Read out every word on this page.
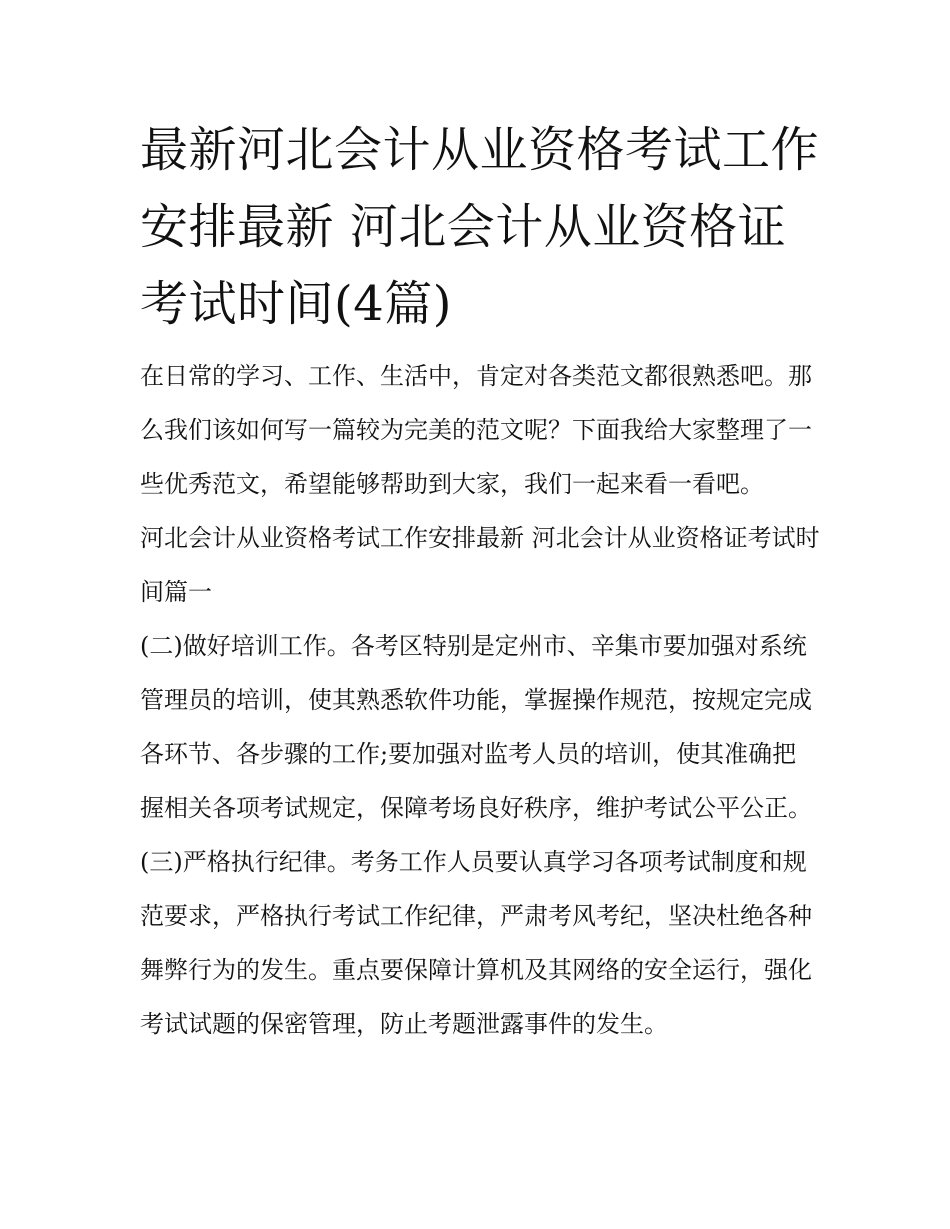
最新河北会计从业资格考试工作安排最新 河北会计从业资格证考试时间(4篇)

在日常的学习、工作、生活中，肯定对各类范文都很熟悉吧。那么我们该如何写一篇较为完美的范文呢？下面我给大家整理了一些优秀范文，希望能够帮助到大家，我们一起来看一看吧。

河北会计从业资格考试工作安排最新 河北会计从业资格证考试时间篇一

(二)做好培训工作。各考区特别是定州市、辛集市要加强对系统管理员的培训，使其熟悉软件功能，掌握操作规范，按规定完成各环节、各步骤的工作;要加强对监考人员的培训，使其准确把握相关各项考试规定，保障考场良好秩序，维护考试公平公正。

(三)严格执行纪律。考务工作人员要认真学习各项考试制度和规范要求，严格执行考试工作纪律，严肃考风考纪，坚决杜绝各种舞弊行为的发生。重点要保障计算机及其网络的安全运行，强化考试试题的保密管理，防止考题泄露事件的发生。
